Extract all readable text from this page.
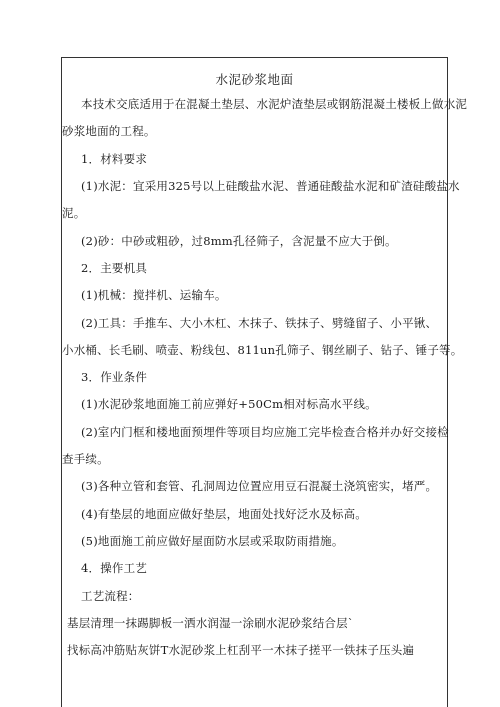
水泥砂浆地面
本技术交底适用于在混凝土垫层、水泥炉渣垫层或钢筋混凝土楼板上做水泥
砂浆地面的工程。
1．材料要求
(1)水泥：宜采用325号以上硅酸盐水泥、普通硅酸盐水泥和矿渣硅酸盐水
泥。
(2)砂：中砂或粗砂，过8mm孔径筛子，含泥量不应大于倒。
2．主要机具
(1)机械：搅拌机、运输车。
(2)工具：手推车、大小木杠、木抹子、铁抹子、劈缝留子、小平锹、
小水桶、长毛刷、喷壶、粉线包、811un孔筛子、钢丝刷子、钻子、锤子等。
3．作业条件
(1)水泥砂浆地面施工前应弹好+50Cm相对标高水平线。
(2)室内门框和楼地面预埋件等项目均应施工完毕检查合格并办好交接检
查手续。
(3)各种立管和套管、孔洞周边位置应用豆石混凝土浇筑密实，堵严。
(4)有垫层的地面应做好垫层，地面处找好泛水及标高。
(5)地面施工前应做好屋面防水层或采取防雨措施。
4．操作工艺
工艺流程：
基层清理一抹踢脚板一洒水润湿一涂刷水泥砂浆结合层`
找标高冲筋贴灰饼T水泥砂浆上杠刮平一木抹子搓平一铁抹子压头遍
